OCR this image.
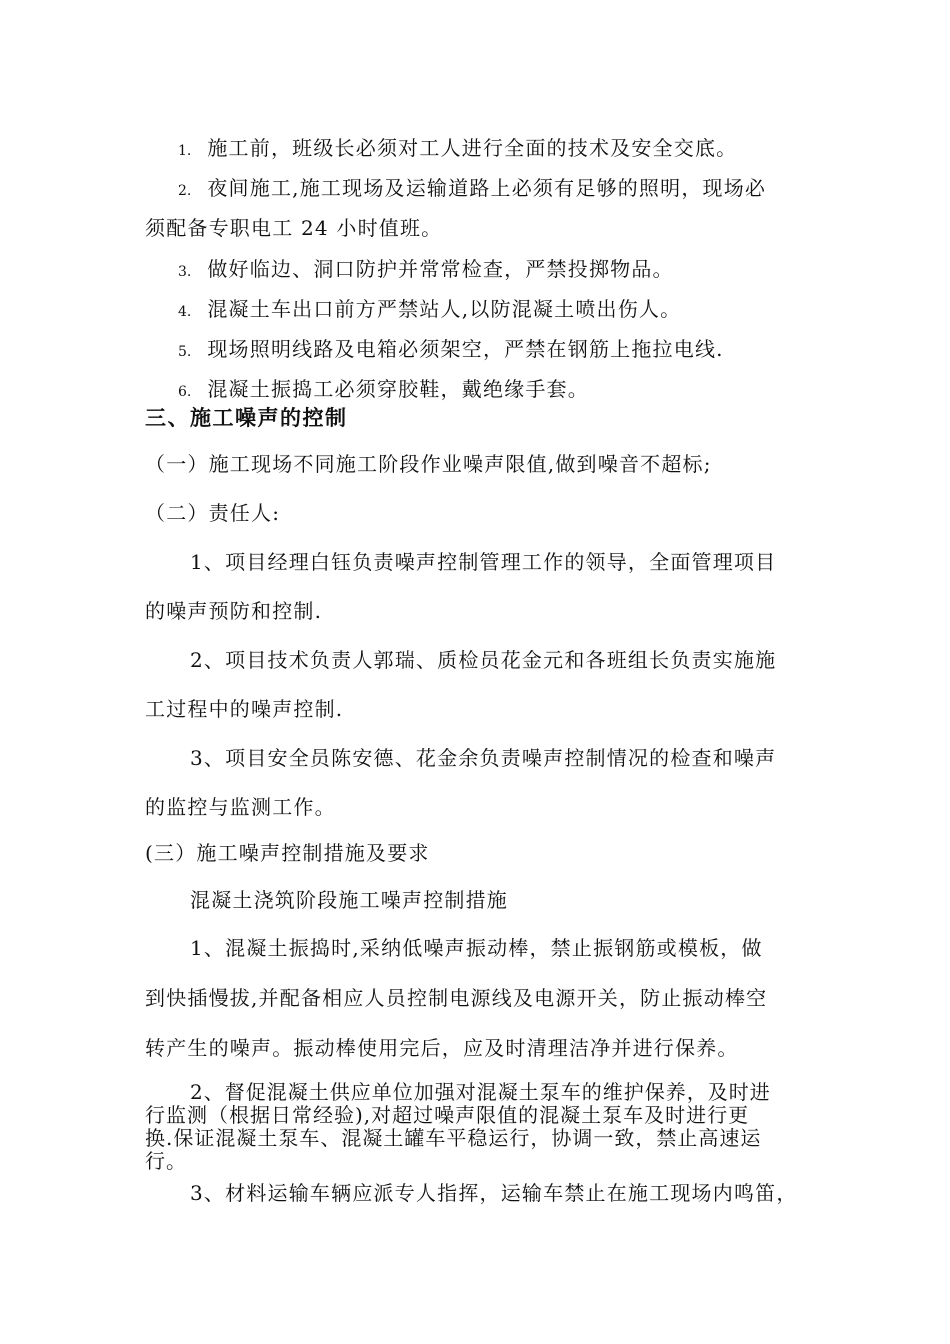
1. 施工前，班级长必须对工人进行全面的技术及安全交底。
2. 夜间施工,施工现场及运输道路上必须有足够的照明，现场必
须配备专职电工 24 小时值班。
3. 做好临边、洞口防护并常常检查，严禁投掷物品。
4. 混凝土车出口前方严禁站人,以防混凝土喷出伤人。
5. 现场照明线路及电箱必须架空，严禁在钢筋上拖拉电线.
6. 混凝土振捣工必须穿胶鞋，戴绝缘手套。
三、施工噪声的控制
（一）施工现场不同施工阶段作业噪声限值,做到噪音不超标;
（二）责任人:
1、项目经理白钰负责噪声控制管理工作的领导，全面管理项目
的噪声预防和控制.
2、项目技术负责人郭瑞、质检员花金元和各班组长负责实施施
工过程中的噪声控制.
3、项目安全员陈安德、花金余负责噪声控制情况的检查和噪声
的监控与监测工作。
(三）施工噪声控制措施及要求
混凝土浇筑阶段施工噪声控制措施
1、混凝土振捣时,采纳低噪声振动棒，禁止振钢筋或模板，做
到快插慢拔,并配备相应人员控制电源线及电源开关，防止振动棒空
转产生的噪声。振动棒使用完后，应及时清理洁净并进行保养。
2、督促混凝土供应单位加强对混凝土泵车的维护保养，及时进
行监测（根据日常经验),对超过噪声限值的混凝土泵车及时进行更
换.保证混凝土泵车、混凝土罐车平稳运行，协调一致，禁止高速运
行。
3、材料运输车辆应派专人指挥，运输车禁止在施工现场内鸣笛，
